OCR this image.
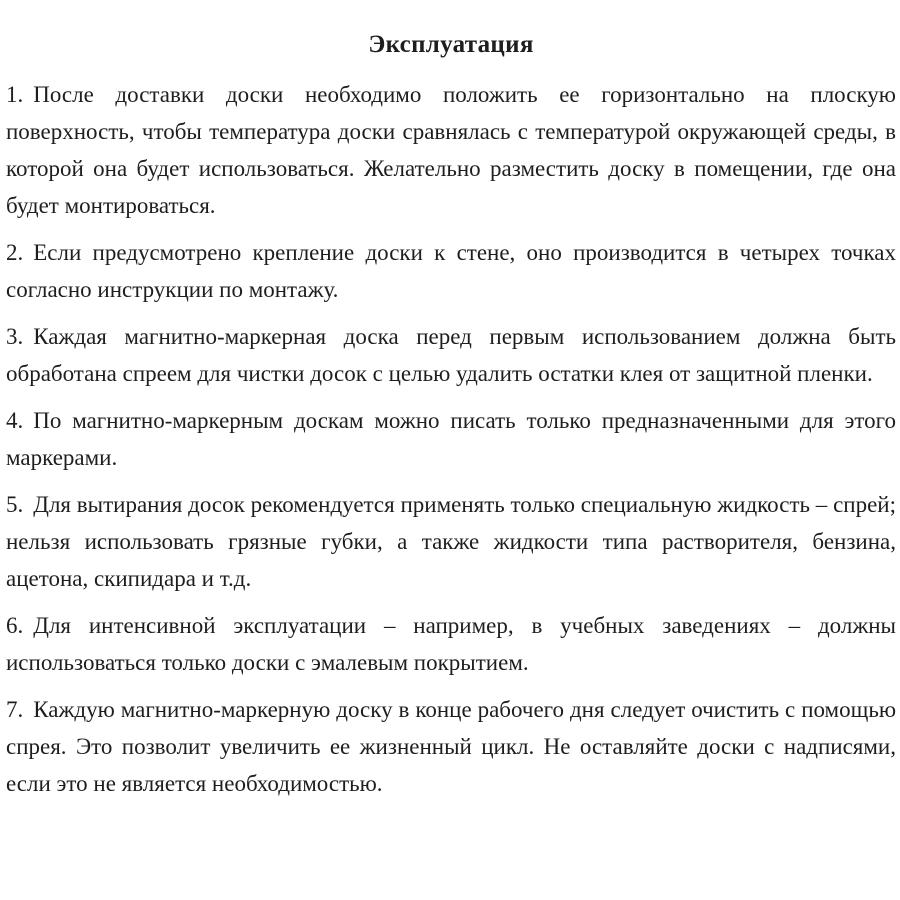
Эксплуатация
1. После доставки доски необходимо положить ее горизонтально на плоскую поверхность, чтобы температура доски сравнялась с температурой окружающей среды, в которой она будет использоваться. Желательно разместить доску в помещении, где она будет монтироваться.
2. Если предусмотрено крепление доски к стене, оно производится в четырех точках согласно инструкции по монтажу.
3. Каждая магнитно-маркерная доска перед первым использованием должна быть обработана спреем для чистки досок с целью удалить остатки клея от защитной пленки.
4. По магнитно-маркерным доскам можно писать только предназначенными для этого маркерами.
5. Для вытирания досок рекомендуется применять только специальную жидкость – спрей; нельзя использовать грязные губки, а также жидкости типа растворителя, бензина, ацетона, скипидара и т.д.
6. Для интенсивной эксплуатации – например, в учебных заведениях – должны использоваться только доски с эмалевым покрытием.
7. Каждую магнитно-маркерную доску в конце рабочего дня следует очистить с помощью спрея. Это позволит увеличить ее жизненный цикл. Не оставляйте доски с надписями, если это не является необходимостью.
